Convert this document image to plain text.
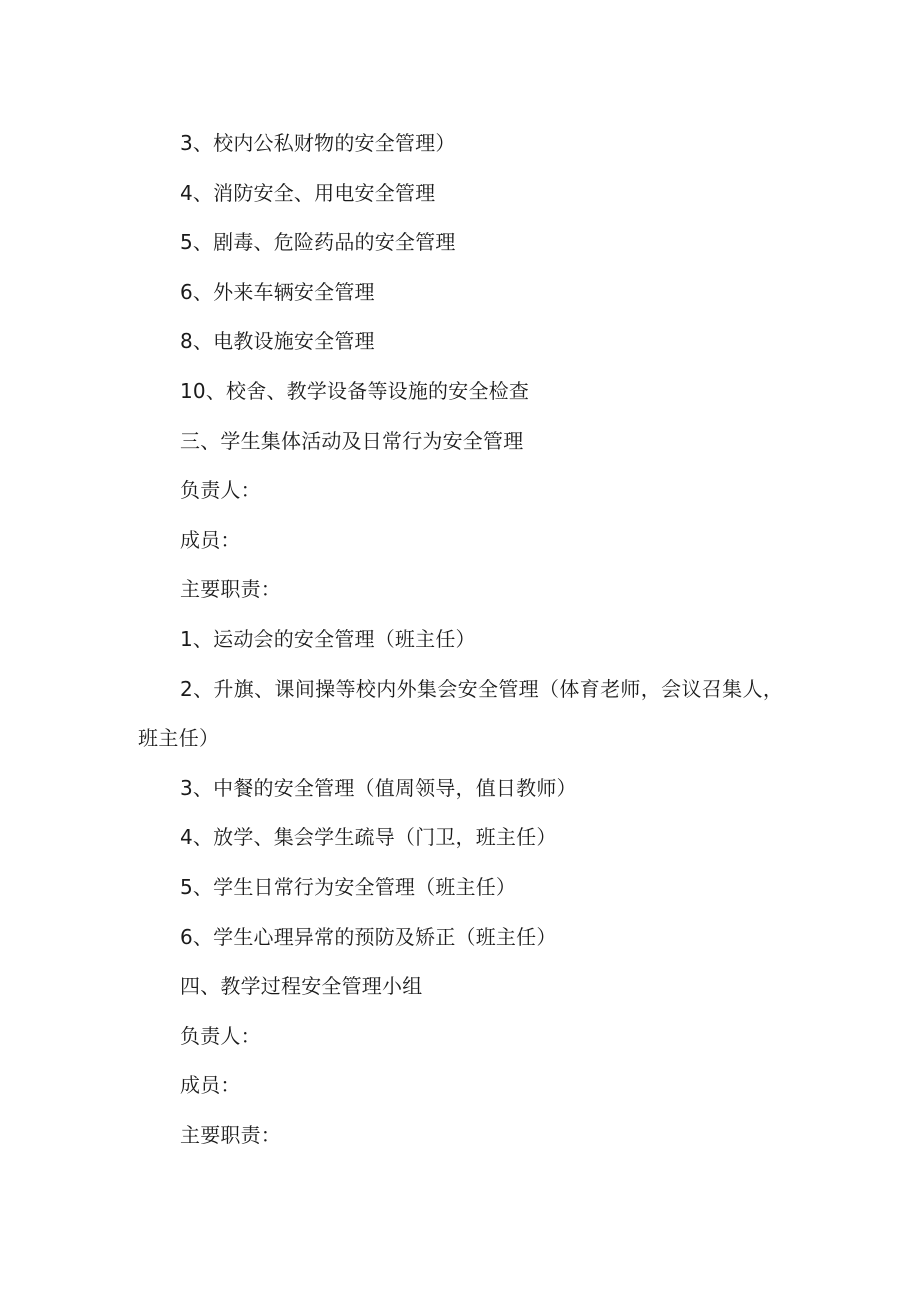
3、校内公私财物的安全管理）
4、消防安全、用电安全管理
5、剧毒、危险药品的安全管理
6、外来车辆安全管理
8、电教设施安全管理
10、校舍、教学设备等设施的安全检查
三、学生集体活动及日常行为安全管理
负责人：
成员：
主要职责：
1、运动会的安全管理（班主任）
2、升旗、课间操等校内外集会安全管理（体育老师，会议召集人，班主任）
3、中餐的安全管理（值周领导，值日教师）
4、放学、集会学生疏导（门卫，班主任）
5、学生日常行为安全管理（班主任）
6、学生心理异常的预防及矫正（班主任）
四、教学过程安全管理小组
负责人：
成员：
主要职责：
